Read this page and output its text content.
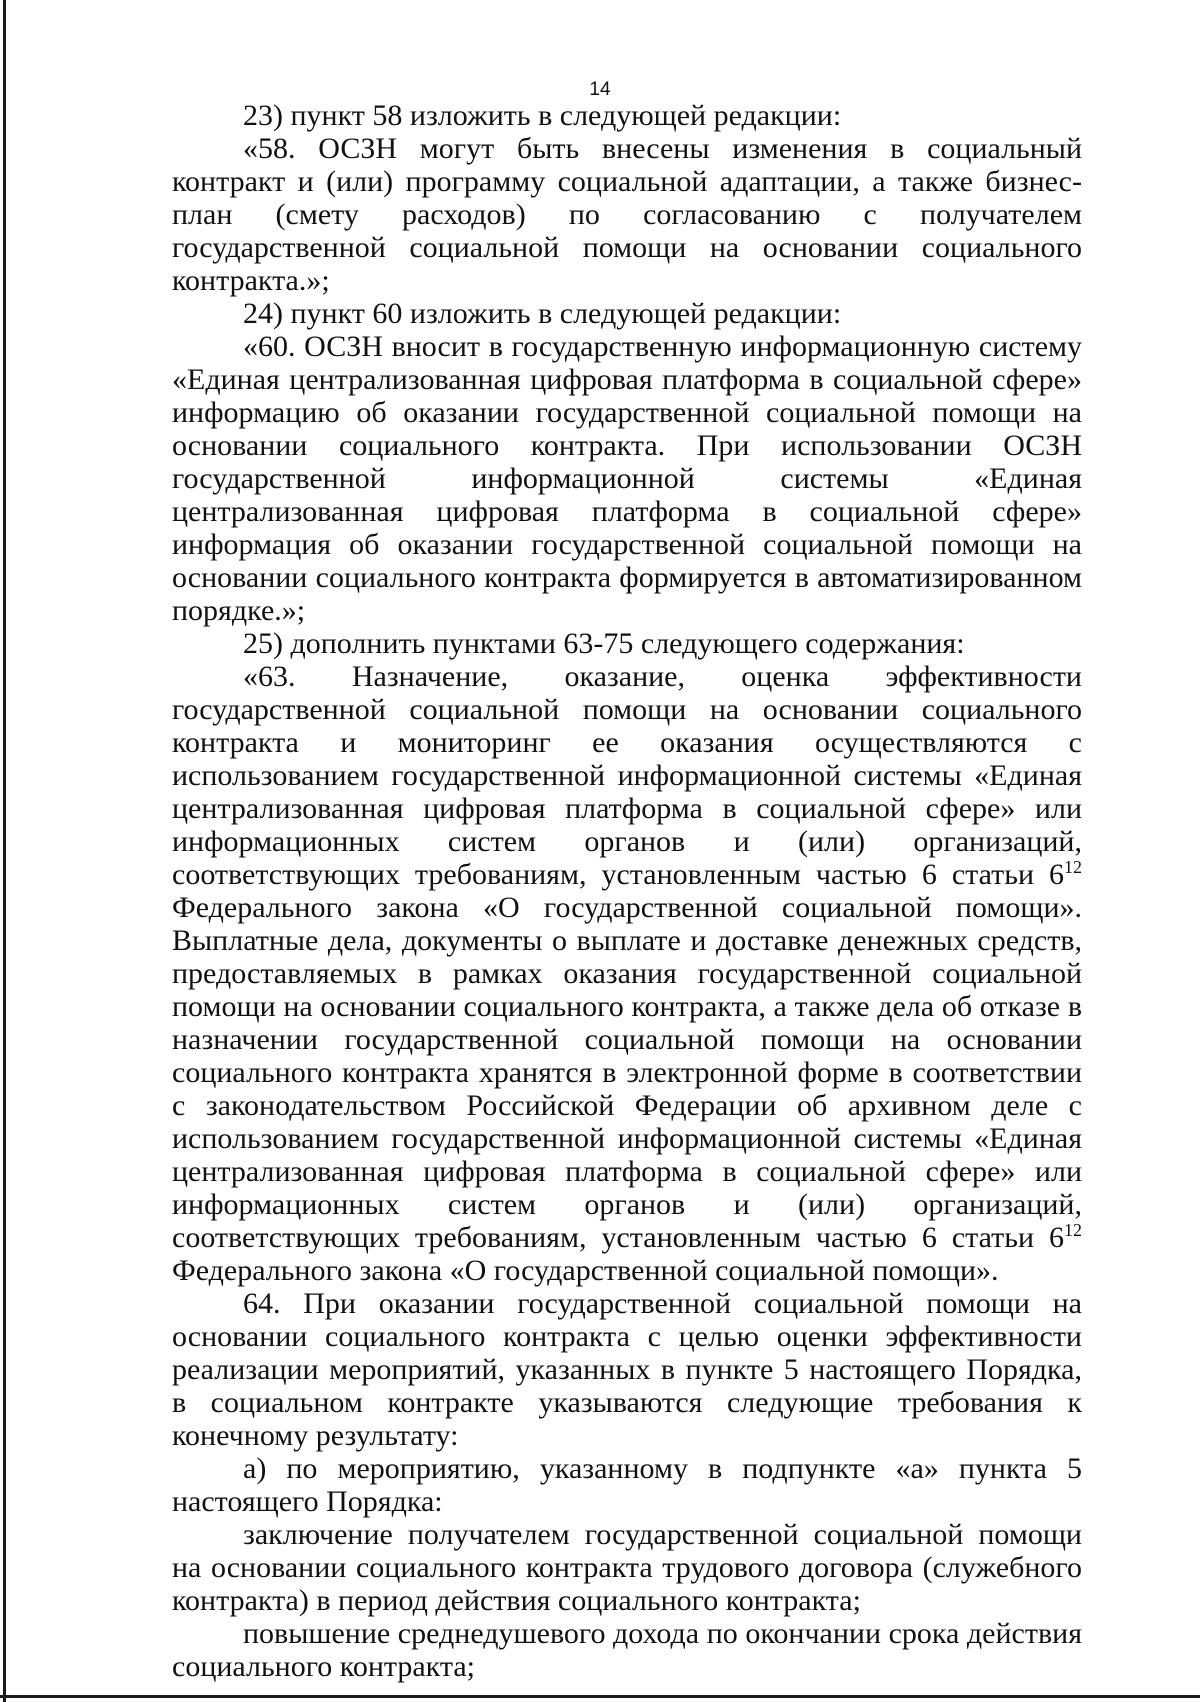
14

23) пункт 58 изложить в следующей редакции:

«58. ОСЗН могут быть внесены изменения в социальный контракт и (или) программу социальной адаптации, а также бизнес-план (смету расходов) по согласованию с получателем государственной социальной помощи на основании социального контракта.»;

24) пункт 60 изложить в следующей редакции:

«60. ОСЗН вносит в государственную информационную систему «Единая централизованная цифровая платформа в социальной сфере» информацию об оказании государственной социальной помощи на основании социального контракта. При использовании ОСЗН государственной информационной системы «Единая централизованная цифровая платформа в социальной сфере» информация об оказании государственной социальной помощи на основании социального контракта формируется в автоматизированном порядке.»;

25) дополнить пунктами 63-75 следующего содержания:

«63. Назначение, оказание, оценка эффективности государственной социальной помощи на основании социального контракта и мониторинг ее оказания осуществляются с использованием государственной информационной системы «Единая централизованная цифровая платформа в социальной сфере» или информационных систем органов и (или) организаций, соответствующих требованиям, установленным частью 6 статьи $6^{12}$ Федерального закона «О государственной социальной помощи». Выплатные дела, документы о выплате и доставке денежных средств, предоставляемых в рамках оказания государственной социальной помощи на основании социального контракта, а также дела об отказе в назначении государственной социальной помощи на основании социального контракта хранятся в электронной форме в соответствии с законодательством Российской Федерации об архивном деле с использованием государственной информационной системы «Единая централизованная цифровая платформа в социальной сфере» или информационных систем органов и (или) организаций, соответствующих требованиям, установленным частью 6 статьи $6^{12}$ Федерального закона «О государственной социальной помощи».

64. При оказании государственной социальной помощи на основании социального контракта с целью оценки эффективности реализации мероприятий, указанных в пункте 5 настоящего Порядка, в социальном контракте указываются следующие требования к конечному результату:

а) по мероприятию, указанному в подпункте «а» пункта 5 настоящего Порядка:

заключение получателем государственной социальной помощи на основании социального контракта трудового договора (служебного контракта) в период действия социального контракта;

повышение среднедушевого дохода по окончании срока действия социального контракта;
